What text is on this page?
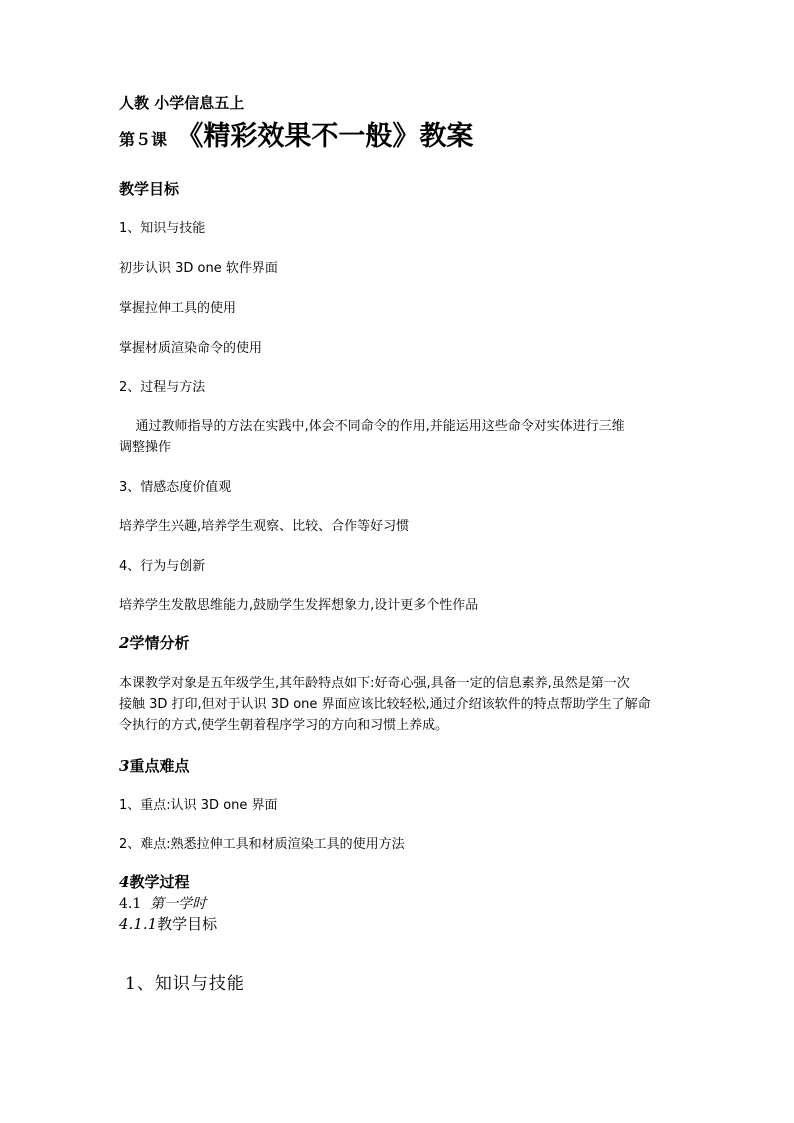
人教 小学信息五上
第５课 《精彩效果不一般》教案
教学目标
1、知识与技能
初步认识 3D one 软件界面
掌握拉伸工具的使用
掌握材质渲染命令的使用
2、过程与方法
通过教师指导的方法在实践中,体会不同命令的作用,并能运用这些命令对实体进行三维
调整操作
3、情感态度价值观
培养学生兴趣,培养学生观察、比较、合作等好习惯
4、行为与创新
培养学生发散思维能力,鼓励学生发挥想象力,设计更多个性作品
2学情分析
本课教学对象是五年级学生,其年龄特点如下:好奇心强,具备一定的信息素养,虽然是第一次
接触 3D 打印,但对于认识 3D one 界面应该比较轻松,通过介绍该软件的特点帮助学生了解命
令执行的方式,使学生朝着程序学习的方向和习惯上养成。
3重点难点
1、重点:认识 3D one 界面
2、难点:熟悉拉伸工具和材质渲染工具的使用方法
4教学过程
4.1 第一学时
4.1.1教学目标
1、知识与技能
